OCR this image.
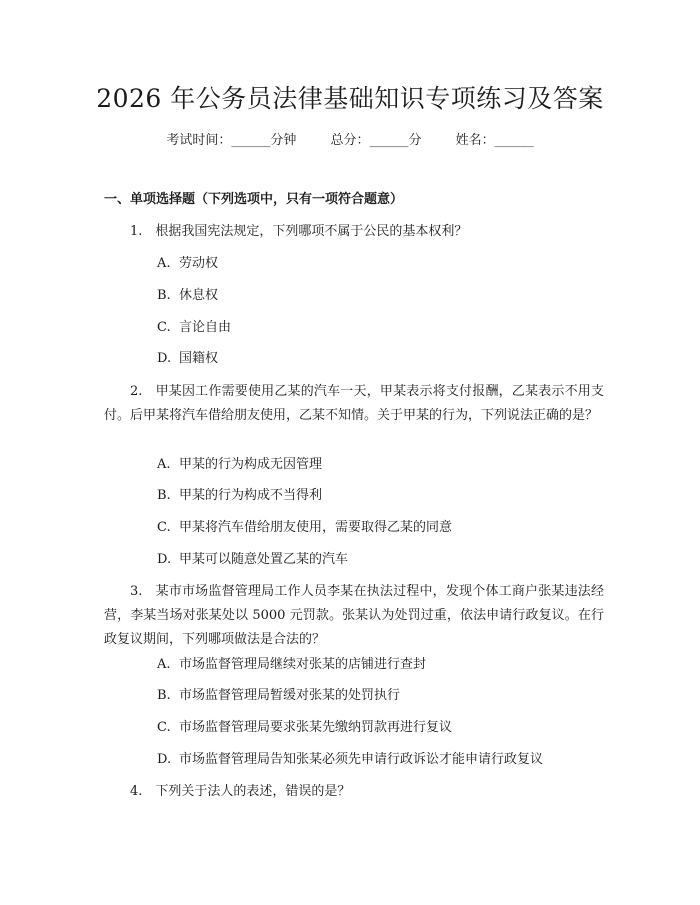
2026 年公务员法律基础知识专项练习及答案
考试时间：______分钟	总分：______分	姓名：______
一、单项选择题（下列选项中，只有一项符合题意）
1. 根据我国宪法规定，下列哪项不属于公民的基本权利？
A. 劳动权
B. 休息权
C. 言论自由
D. 国籍权
2. 甲某因工作需要使用乙某的汽车一天，甲某表示将支付报酬，乙某表示不用支付。后甲某将汽车借给朋友使用，乙某不知情。关于甲某的行为，下列说法正确的是？
A. 甲某的行为构成无因管理
B. 甲某的行为构成不当得利
C. 甲某将汽车借给朋友使用，需要取得乙某的同意
D. 甲某可以随意处置乙某的汽车
3. 某市市场监督管理局工作人员李某在执法过程中，发现个体工商户张某违法经营，李某当场对张某处以 5000 元罚款。张某认为处罚过重，依法申请行政复议。在行政复议期间，下列哪项做法是合法的？
A. 市场监督管理局继续对张某的店铺进行查封
B. 市场监督管理局暂缓对张某的处罚执行
C. 市场监督管理局要求张某先缴纳罚款再进行复议
D. 市场监督管理局告知张某必须先申请行政诉讼才能申请行政复议
4. 下列关于法人的表述，错误的是？
